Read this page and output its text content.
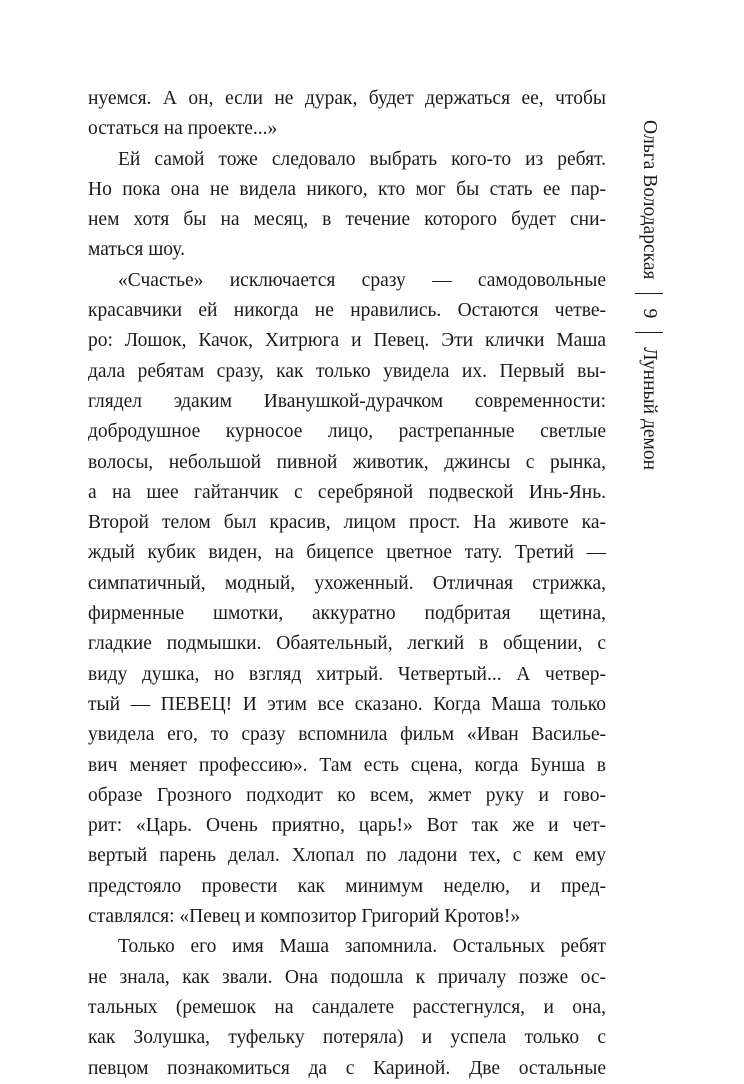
нуемся. А он, если не дурак, будет держаться ее, чтобы
остаться на проекте...»
Ей самой тоже следовало выбрать кого-то из ребят.
Но пока она не видела никого, кто мог бы стать ее пар-
нем хотя бы на месяц, в течение которого будет сни-
маться шоу.
«Счастье» исключается сразу — самодовольные
красавчики ей никогда не нравились. Остаются четве-
ро: Лошок, Качок, Хитрюга и Певец. Эти клички Маша
дала ребятам сразу, как только увидела их. Первый вы-
глядел эдаким Иванушкой-дурачком современности:
добродушное курносое лицо, растрепанные светлые
волосы, небольшой пивной животик, джинсы с рынка,
а на шее гайтанчик с серебряной подвеской Инь-Янь.
Второй телом был красив, лицом прост. На животе ка-
ждый кубик виден, на бицепсе цветное тату. Третий —
симпатичный, модный, ухоженный. Отличная стрижка,
фирменные шмотки, аккуратно подбритая щетина,
гладкие подмышки. Обаятельный, легкий в общении, с
виду душка, но взгляд хитрый. Четвертый... А четвер-
тый — ПЕВЕЦ! И этим все сказано. Когда Маша только
увидела его, то сразу вспомнила фильм «Иван Василье-
вич меняет профессию». Там есть сцена, когда Бунша в
образе Грозного подходит ко всем, жмет руку и гово-
рит: «Царь. Очень приятно, царь!» Вот так же и чет-
вертый парень делал. Хлопал по ладони тех, с кем ему
предстояло провести как минимум неделю, и пред-
ставлялся: «Певец и композитор Григорий Кротов!»
Только его имя Маша запомнила. Остальных ребят
не знала, как звали. Она подошла к причалу позже ос-
тальных (ремешок на сандалете расстегнулся, и она,
как Золушка, туфельку потеряла) и успела только с
певцом познакомиться да с Кариной. Две остальные
Ольга Володарская
9
Лунный демон
